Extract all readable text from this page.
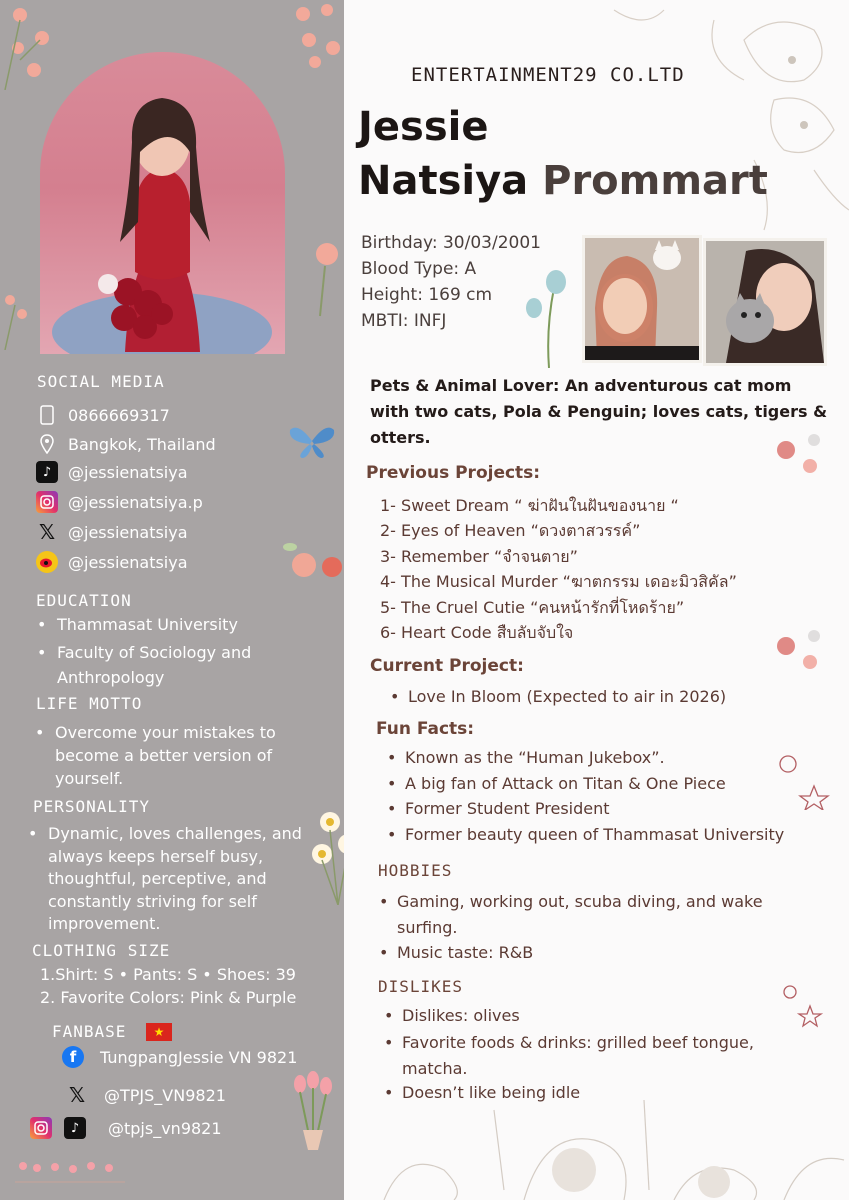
SOCIAL MEDIA
0866669317
Bangkok, Thailand
♪	@jessienatsiya
@jessienatsiya.p
𝕏 @jessienatsiya
@jessienatsiya
EDUCATION
• Thammasat University
• Faculty of Sociology and Anthropology
LIFE MOTTO
• Overcome your mistakes to become a better version of yourself.
PERSONALITY
• Dynamic, loves challenges, and always keeps herself busy, thoughtful, perceptive, and constantly striving for self improvement.
CLOTHING SIZE
1.Shirt: S • Pants: S • Shoes: 39
2. Favorite Colors: Pink & Purple
FANBASE	★
f	TungpangJessie VN 9821
𝕏 @TPJS_VN9821
♪	@tpjs_vn9821
ENTERTAINMENT29 CO.LTD
Jessie
Natsiya Prommart
Birthday: 30/03/2001
Blood Type: A
Height: 169 cm
MBTI: INFJ
Pets & Animal Lover: An adventurous cat mom with two cats, Pola & Penguin; loves cats, tigers & otters.
Previous Projects:
1- Sweet Dream “ ฆ่าฝันในฝันของนาย “
2- Eyes of Heaven “ดวงตาสวรรค์”
3- Remember “จำจนตาย”
4- The Musical Murder “ฆาตกรรม เดอะมิวสิคัล”
5- The Cruel Cutie “คนหน้ารักที่โหดร้าย”
6- Heart Code สืบลับจับใจ
Current Project:
• Love In Bloom (Expected to air in 2026)
Fun Facts:
• Known as the “Human Jukebox”.
• A big fan of Attack on Titan & One Piece
• Former Student President
• Former beauty queen of Thammasat University
HOBBIES
• Gaming, working out, scuba diving, and wake surfing.
• Music taste: R&B
DISLIKES
• Dislikes: olives
• Favorite foods & drinks: grilled beef tongue, matcha.
• Doesn’t like being idle
